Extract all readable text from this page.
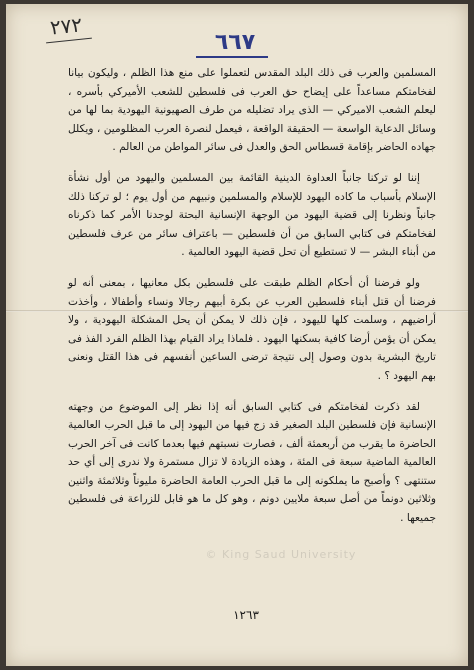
٢٧٢
٦٦٧

المسلمين والعرب فى ذلك البلد المقدس لتعملوا على منع هذا الظلم ، وليكون بيانا لفخامتكم مساعداً على إيضاح حق العرب فى فلسطين للشعب الأميركي بأسره ، ليعلم الشعب الاميركي — الذى يراد تضليله من طرف الصهيونية اليهودية بما لها من وسائل الدعاية الواسعة — الحقيقة الواقعة ، فيعمل لنصرة العرب المظلومين ، ويكلل جهاده الحاضر بإقامة قسطاس الحق والعدل فى سائر المواطن من العالم .

إننا لو تركنا جانباً العداوة الدينية القائمة بين المسلمين واليهود من أول نشأة الإسلام بأسباب ما كاده اليهود للإسلام والمسلمين ونبيهم من أول يوم ؛ لو تركنا ذلك جانباً ونظرنا إلى قضية اليهود من الوجهة الإنسانية البحتة لوجدنا الأمر كما ذكرناه لفخامتكم فى كتابي السابق من أن فلسطين — باعتراف سائر من عرف فلسطين من أبناء البشر — لا تستطيع أن تحل قضية اليهود العالمية .

ولو فرضنا أن أحكام الظلم طبقت على فلسطين بكل معانيها ، بمعنى أنه لو فرضنا أن قتل أبناء فلسطين العرب عن بكرة أبيهم رجالا ونساء وأطفالا ، وأخذت أراضيهم ، وسلمت كلها لليهود ، فإن ذلك لا يمكن أن يحل المشكلة اليهودية ، ولا يمكن أن يؤمن أرضا كافية بسكنها اليهود . فلماذا يراد القيام بهذا الظلم الفرد الفذ فى تاريخ البشرية بدون وصول إلى نتيجة ترضى الساعين أنفسهم فى هذا القتل ونعنى بهم اليهود ؟ .

لقد ذكرت لفخامتكم فى كتابي السابق أنه إذا نظر إلى الموضوع من وجهته الإنسانية فإن فلسطين البلد الصغير قد زج فيها من اليهود إلى ما قبل الحرب العالمية الحاضرة ما يقرب من أربعمئة ألف ، فصارت نسبتهم فيها بعدما كانت فى آخر الحرب العالمية الماضية سبعة فى المئة ، وهذه الزيادة لا تزال مستمرة ولا ندرى إلى أي حد ستنتهى ؟ وأصبح ما يملكونه إلى ما قبل الحرب العامة الحاضرة مليوناً وثلاثمئة واثنين وثلاثين دونماً من أصل سبعة ملايين دونم ، وهو كل ما هو قابل للزراعة فى فلسطين جميعها .

© King Saud University
١٢٦٣
